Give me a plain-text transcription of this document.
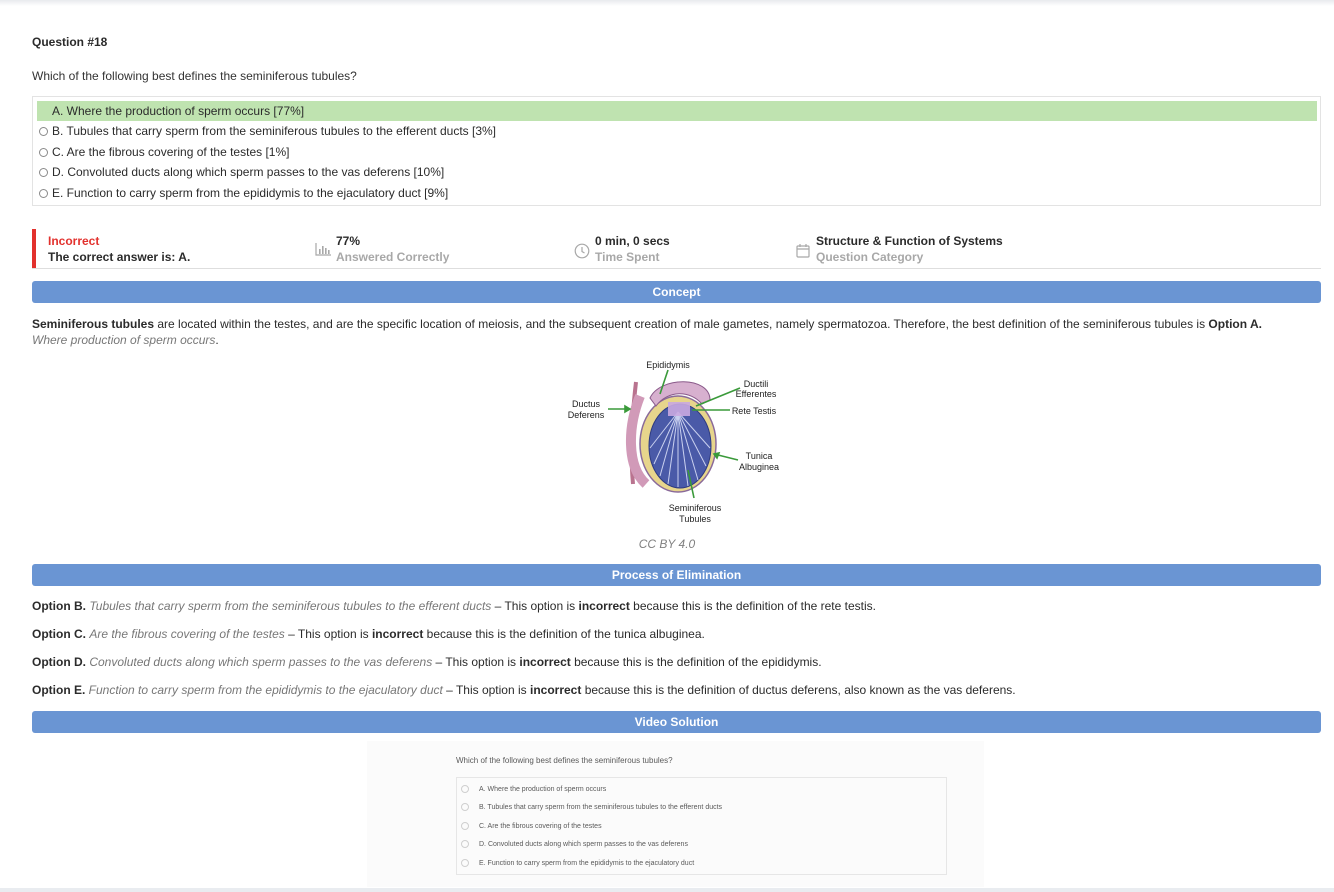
Question #18
Which of the following best defines the seminiferous tubules?
A. Where the production of sperm occurs [77%]
B. Tubules that carry sperm from the seminiferous tubules to the efferent ducts [3%]
C. Are the fibrous covering of the testes [1%]
D. Convoluted ducts along which sperm passes to the vas deferens [10%]
E. Function to carry sperm from the epididymis to the ejaculatory duct [9%]
Incorrect
The correct answer is: A.
77%
Answered Correctly
0 min, 0 secs
Time Spent
Structure & Function of Systems
Question Category
Concept
Seminiferous tubules are located within the testes, and are the specific location of meiosis, and the subsequent creation of male gametes, namely spermatozoa. Therefore, the best definition of the seminiferous tubules is Option A.
Where production of sperm occurs.
Epididymis
Ductili
Efferentes
Rete Testis
Ductus
Deferens
Tunica
Albuginea
Seminiferous
Tubules
CC BY 4.0
Process of Elimination
Option B. Tubules that carry sperm from the seminiferous tubules to the efferent ducts – This option is incorrect because this is the definition of the rete testis.
Option C. Are the fibrous covering of the testes – This option is incorrect because this is the definition of the tunica albuginea.
Option D. Convoluted ducts along which sperm passes to the vas deferens – This option is incorrect because this is the definition of the epididymis.
Option E. Function to carry sperm from the epididymis to the ejaculatory duct – This option is incorrect because this is the definition of ductus deferens, also known as the vas deferens.
Video Solution
Which of the following best defines the seminiferous tubules?
A. Where the production of sperm occurs
B. Tubules that carry sperm from the seminiferous tubules to the efferent ducts
C. Are the fibrous covering of the testes
D. Convoluted ducts along which sperm passes to the vas deferens
E. Function to carry sperm from the epididymis to the ejaculatory duct
